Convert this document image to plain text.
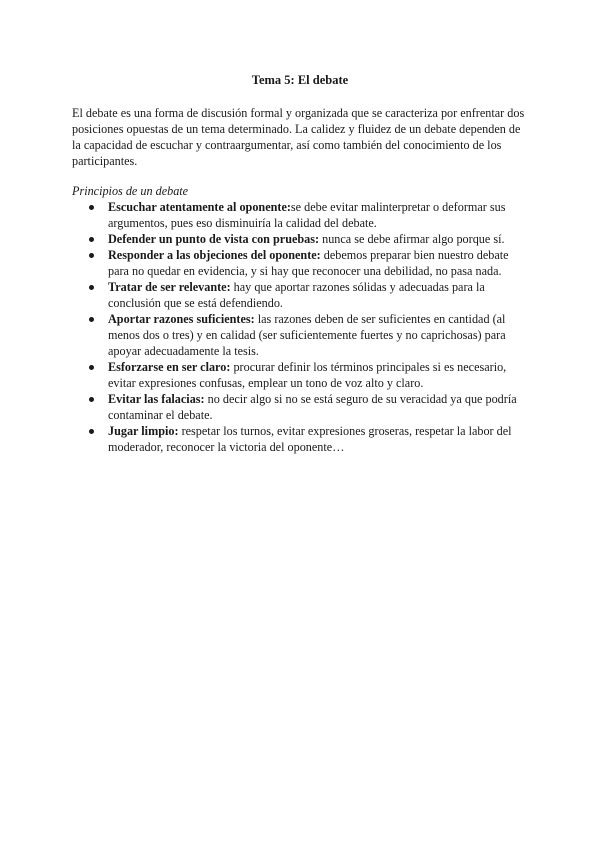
Tema 5: El debate

El debate es una forma de discusión formal y organizada que se caracteriza por enfrentar dos posiciones opuestas de un tema determinado. La calidez y fluidez de un debate dependen de la capacidad de escuchar y contraargumentar, así como también del conocimiento de los participantes.

Principios de un debate

Escuchar atentamente al oponente:se debe evitar malinterpretar o deformar sus argumentos, pues eso disminuiría la calidad del debate.
Defender un punto de vista con pruebas: nunca se debe afirmar algo porque sí.
Responder a las objeciones del oponente: debemos preparar bien nuestro debate para no quedar en evidencia, y si hay que reconocer una debilidad, no pasa nada.
Tratar de ser relevante: hay que aportar razones sólidas y adecuadas para la conclusión que se está defendiendo.
Aportar razones suficientes: las razones deben de ser suficientes en cantidad (al menos dos o tres) y en calidad (ser suficientemente fuertes y no caprichosas) para apoyar adecuadamente la tesis.
Esforzarse en ser claro: procurar definir los términos principales si es necesario, evitar expresiones confusas, emplear un tono de voz alto y claro.
Evitar las falacias: no decir algo si no se está seguro de su veracidad ya que podría contaminar el debate.
Jugar limpio: respetar los turnos, evitar expresiones groseras, respetar la labor del moderador, reconocer la victoria del oponente…
